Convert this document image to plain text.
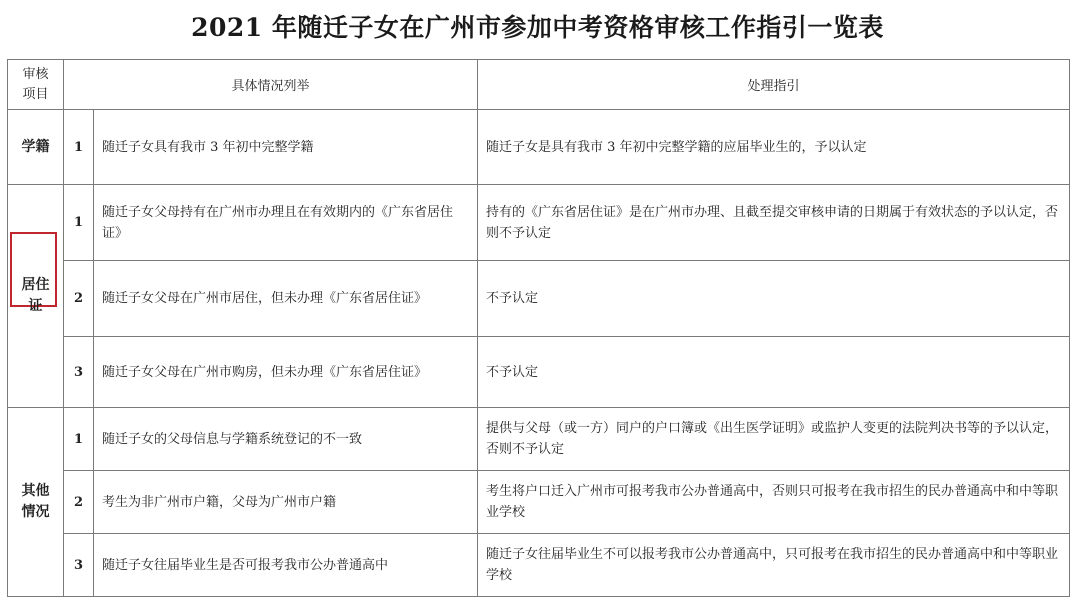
2021 年随迁子女在广州市参加中考资格审核工作指引一览表
审核项目	具体情况列举		处理指引
学籍	1	随迁子女具有我市 3 年初中完整学籍	随迁子女是具有我市 3 年初中完整学籍的应届毕业生的，予以认定

居住证	1	随迁子女父母持有在广州市办理且在有效期内的《广东省居住证》	持有的《广东省居住证》是在广州市办理、且截至提交审核申请的日期属于有效状态的予以认定，否则不予认定
	2	随迁子女父母在广州市居住，但未办理《广东省居住证》	不予认定
	3	随迁子女父母在广州市购房，但未办理《广东省居住证》	不予认定

其他情况	1	随迁子女的父母信息与学籍系统登记的不一致	提供与父母（或一方）同户的户口簿或《出生医学证明》或监护人变更的法院判决书等的予以认定，否则不予认定
	2	考生为非广州市户籍，父母为广州市户籍	考生将户口迁入广州市可报考我市公办普通高中，否则只可报考在我市招生的民办普通高中和中等职业学校
	3	随迁子女往届毕业生是否可报考我市公办普通高中	随迁子女往届毕业生不可以报考我市公办普通高中，只可报考在我市招生的民办普通高中和中等职业学校
